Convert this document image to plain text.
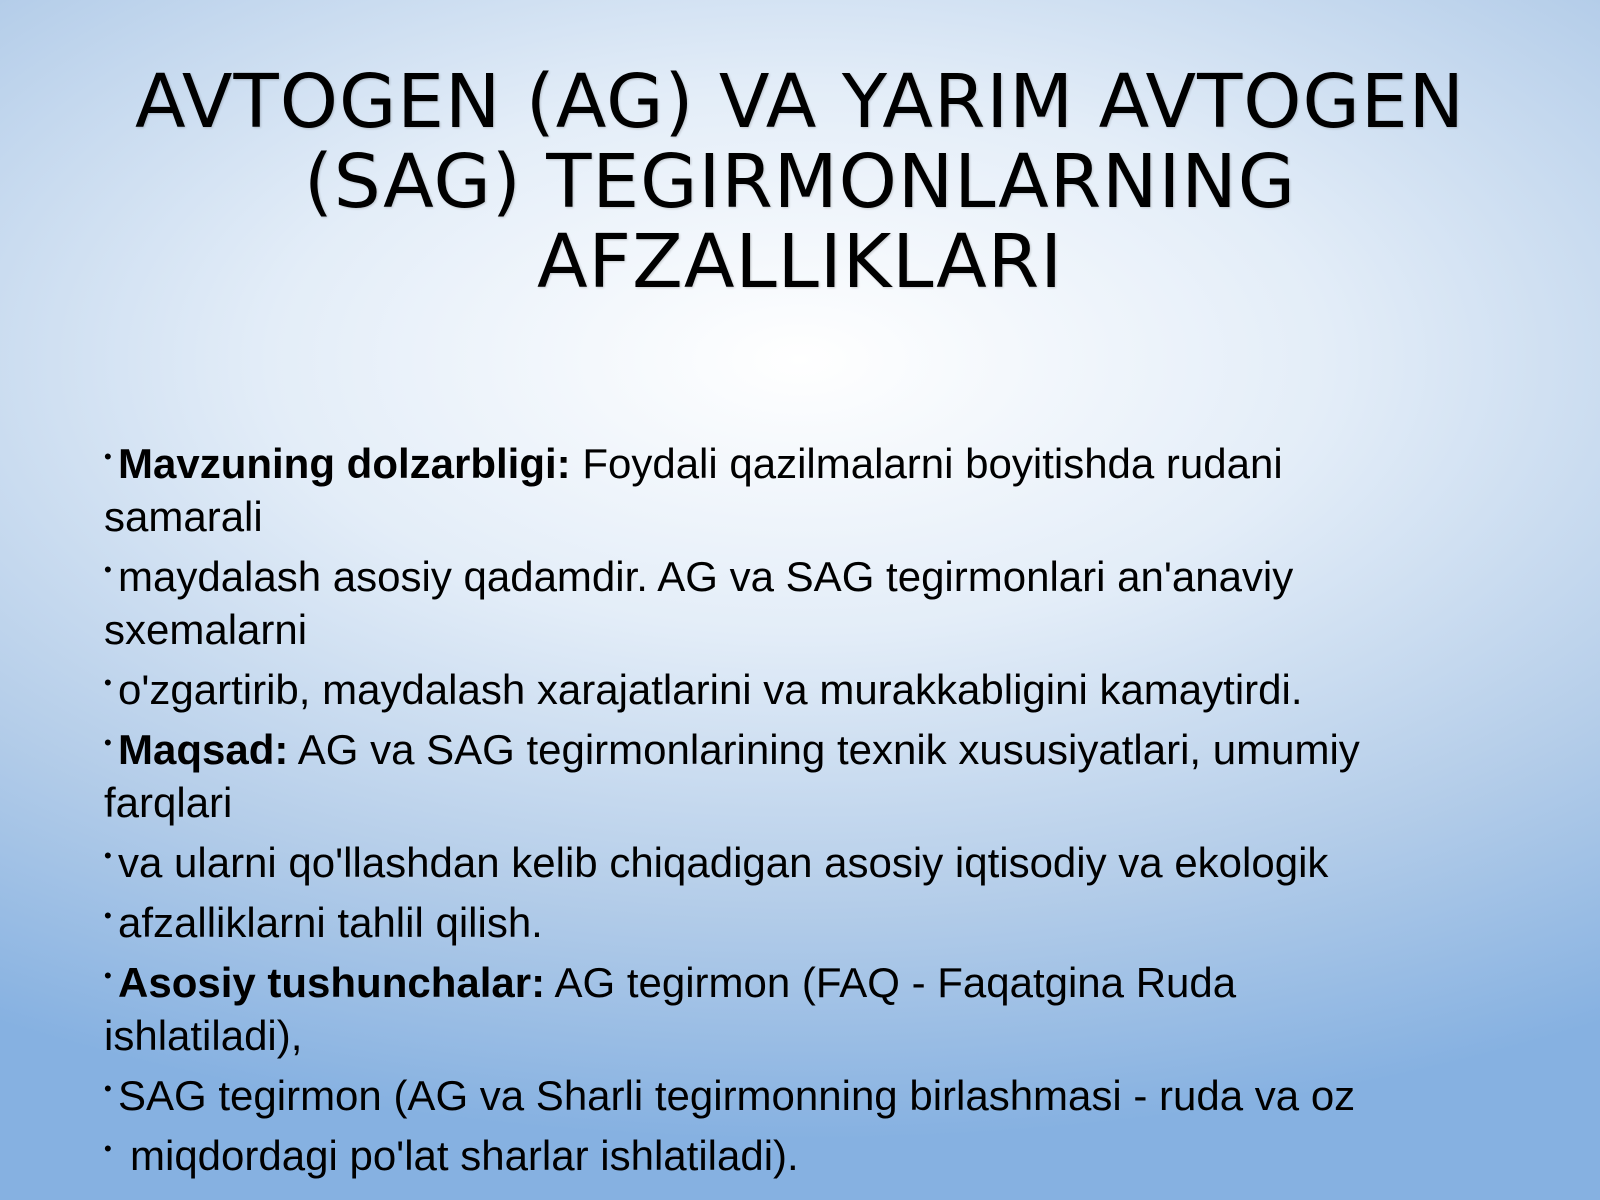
AVTOGEN (AG) VA YARIM AVTOGEN
(SAG) TEGIRMONLARNING
AFZALLIKLARI
• Mavzuning dolzarbligi: Foydali qazilmalarni boyitishda rudani
samarali
• maydalash asosiy qadamdir. AG va SAG tegirmonlari an'anaviy
sxemalarni
• o'zgartirib, maydalash xarajatlarini va murakkabligini kamaytirdi.
• Maqsad: AG va SAG tegirmonlarining texnik xususiyatlari, umumiy
farqlari
• va ularni qo'llashdan kelib chiqadigan asosiy iqtisodiy va ekologik
• afzalliklarni tahlil qilish.
• Asosiy tushunchalar: AG tegirmon (FAQ - Faqatgina Ruda
ishlatiladi),
• SAG tegirmon (AG va Sharli tegirmonning birlashmasi - ruda va oz
• miqdordagi po'lat sharlar ishlatiladi).
